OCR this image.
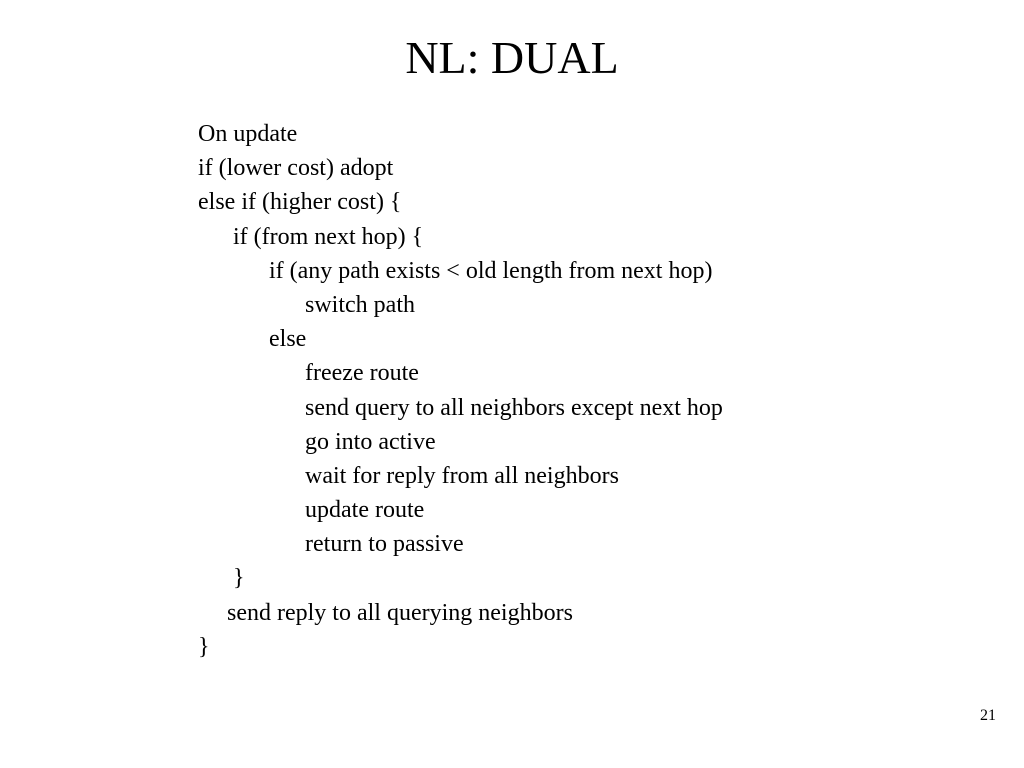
NL: DUAL
On update
if (lower cost) adopt
else if (higher cost) {
if (from next hop) {
if (any path exists < old length from next hop)
switch path
else
freeze route
send query to all neighbors except next hop
go into active
wait for reply from all neighbors
update route
return to passive
}
send reply to all querying neighbors
}
21
